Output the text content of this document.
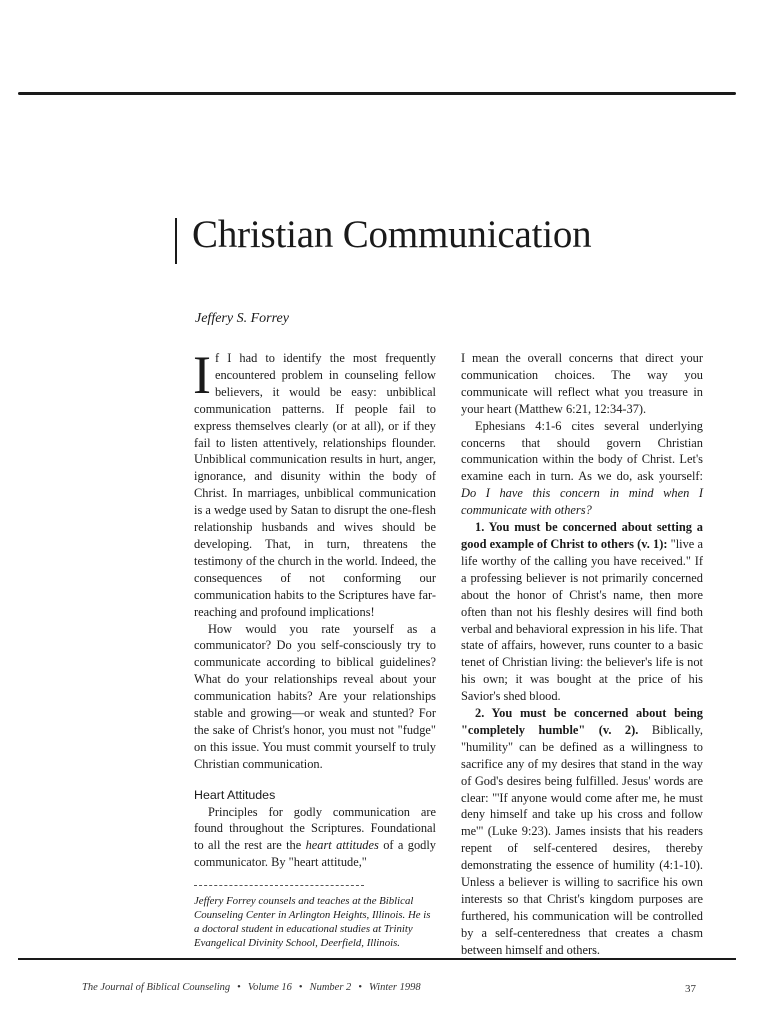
Christian Communication
Jeffery S. Forrey

If I had to identify the most frequently encountered problem in counseling fellow believers, it would be easy: unbiblical communication patterns. If people fail to express themselves clearly (or at all), or if they fail to listen attentively, relationships flounder. Unbiblical communication results in hurt, anger, ignorance, and disunity within the body of Christ. In marriages, unbiblical communication is a wedge used by Satan to disrupt the one-flesh relationship husbands and wives should be developing. That, in turn, threatens the testimony of the church in the world. Indeed, the consequences of not conforming our communication habits to the Scriptures have far-reaching and profound implications!

How would you rate yourself as a communicator? Do you self-consciously try to communicate according to biblical guidelines? What do your relationships reveal about your communication habits? Are your relationships stable and growing—or weak and stunted? For the sake of Christ's honor, you must not "fudge" on this issue. You must commit yourself to truly Christian communication.

Heart Attitudes

Principles for godly communication are found throughout the Scriptures. Foundational to all the rest are the heart attitudes of a godly communicator. By "heart attitude,"

Jeffery Forrey counsels and teaches at the Biblical Counseling Center in Arlington Heights, Illinois. He is a doctoral student in educational studies at Trinity Evangelical Divinity School, Deerfield, Illinois.

I mean the overall concerns that direct your communication choices. The way you communicate will reflect what you treasure in your heart (Matthew 6:21, 12:34-37).

Ephesians 4:1-6 cites several underlying concerns that should govern Christian communication within the body of Christ. Let's examine each in turn. As we do, ask yourself: Do I have this concern in mind when I communicate with others?

1. You must be concerned about setting a good example of Christ to others (v. 1): "live a life worthy of the calling you have received." If a professing believer is not primarily concerned about the honor of Christ's name, then more often than not his fleshly desires will find both verbal and behavioral expression in his life. That state of affairs, however, runs counter to a basic tenet of Christian living: the believer's life is not his own; it was bought at the price of his Savior's shed blood.

2. You must be concerned about being "completely humble" (v. 2). Biblically, "humility" can be defined as a willingness to sacrifice any of my desires that stand in the way of God's desires being fulfilled. Jesus' words are clear: "'If anyone would come after me, he must deny himself and take up his cross and follow me'" (Luke 9:23). James insists that his readers repent of self-centered desires, thereby demonstrating the essence of humility (4:1-10). Unless a believer is willing to sacrifice his own interests so that Christ's kingdom purposes are furthered, his communication will be controlled by a self-centeredness that creates a chasm between himself and others.

The Journal of Biblical Counseling • Volume 16 • Number 2 • Winter 1998	37
